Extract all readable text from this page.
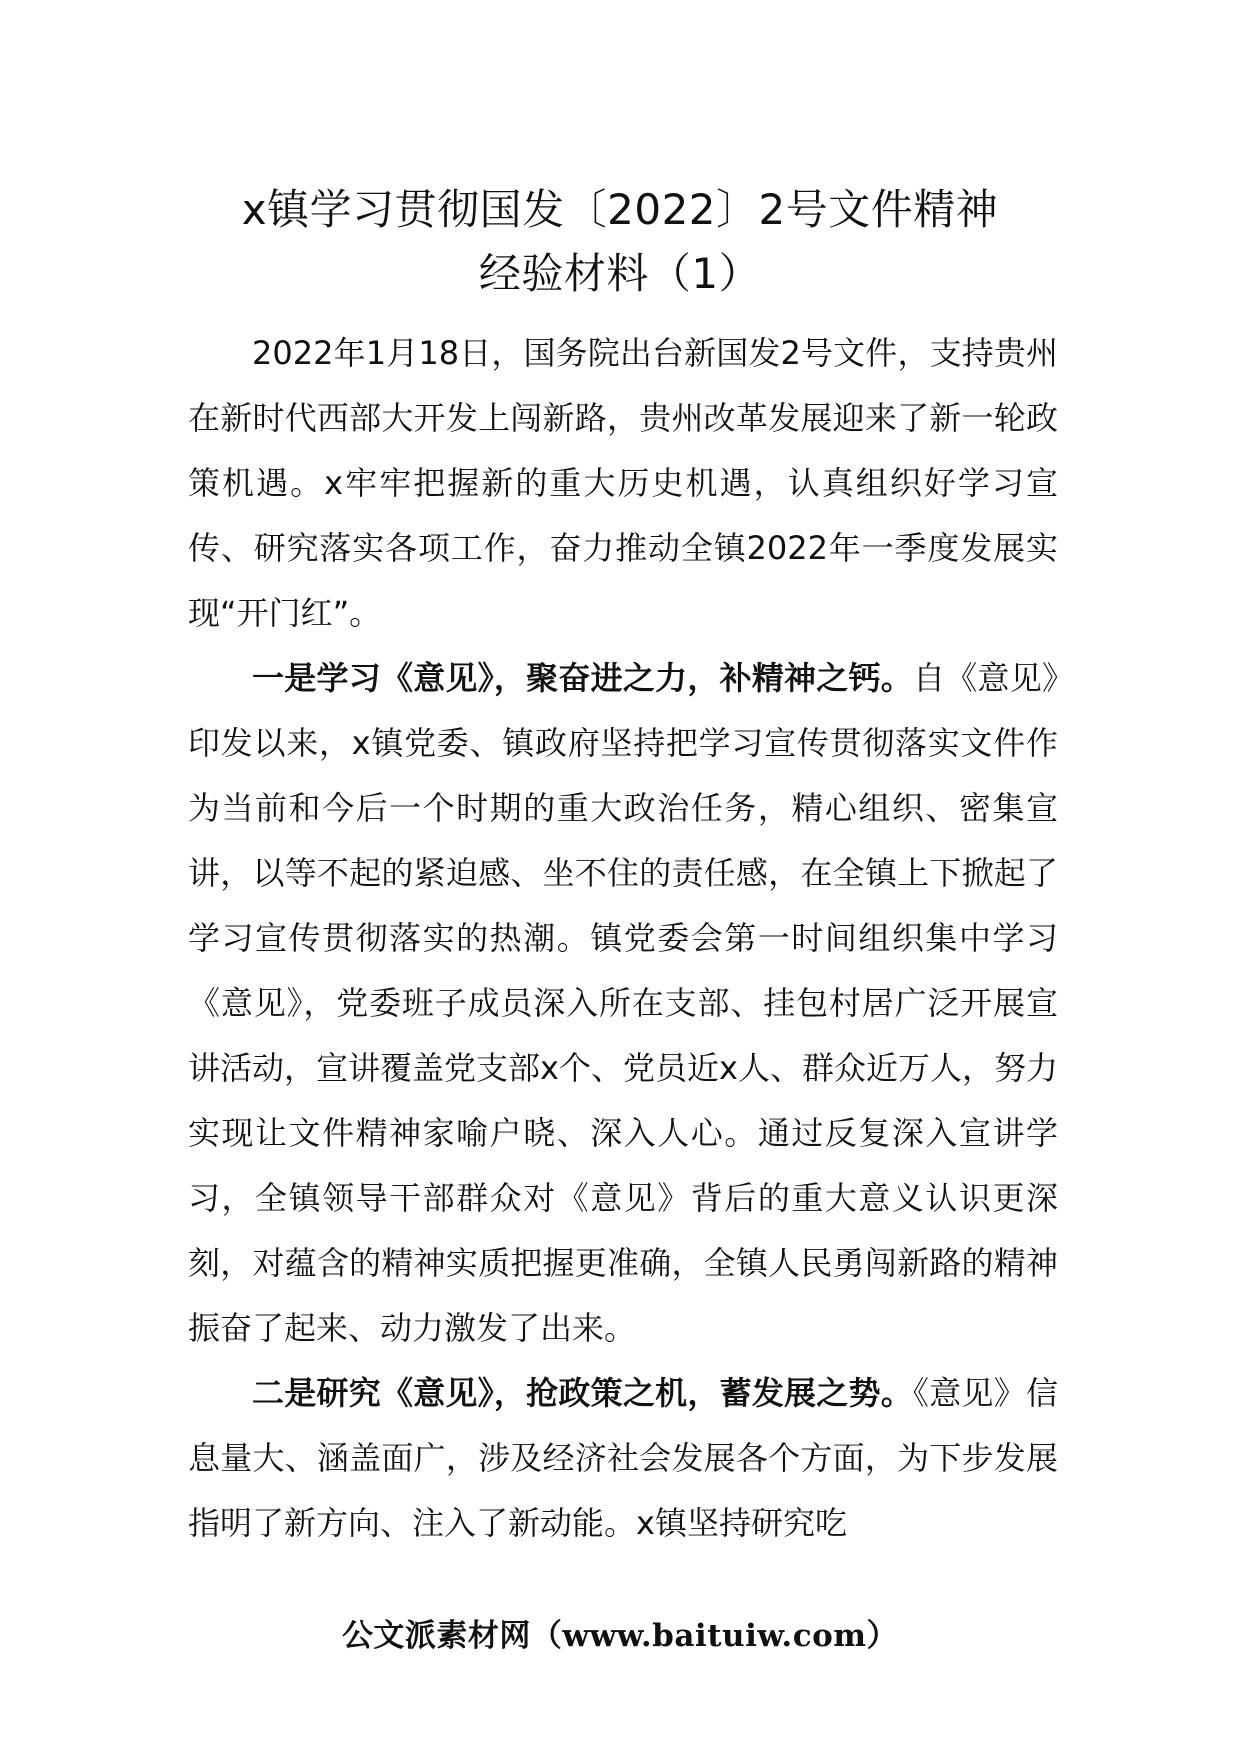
x镇学习贯彻国发〔2022〕2号文件精神
经验材料（1）

2022年1月18日，国务院出台新国发2号文件，支持贵州在新时代西部大开发上闯新路，贵州改革发展迎来了新一轮政策机遇。x牢牢把握新的重大历史机遇，认真组织好学习宣传、研究落实各项工作，奋力推动全镇2022年一季度发展实现“开门红”。

一是学习《意见》，聚奋进之力，补精神之钙。自《意见》印发以来，x镇党委、镇政府坚持把学习宣传贯彻落实文件作为当前和今后一个时期的重大政治任务，精心组织、密集宣讲，以等不起的紧迫感、坐不住的责任感，在全镇上下掀起了学习宣传贯彻落实的热潮。镇党委会第一时间组织集中学习《意见》，党委班子成员深入所在支部、挂包村居广泛开展宣讲活动，宣讲覆盖党支部x个、党员近x人、群众近万人，努力实现让文件精神家喻户晓、深入人心。通过反复深入宣讲学习，全镇领导干部群众对《意见》背后的重大意义认识更深刻，对蕴含的精神实质把握更准确，全镇人民勇闯新路的精神振奋了起来、动力激发了出来。

二是研究《意见》，抢政策之机，蓄发展之势。《意见》信息量大、涵盖面广，涉及经济社会发展各个方面，为下步发展指明了新方向、注入了新动能。x镇坚持研究吃

公文派素材网（www.baituiw.com）
